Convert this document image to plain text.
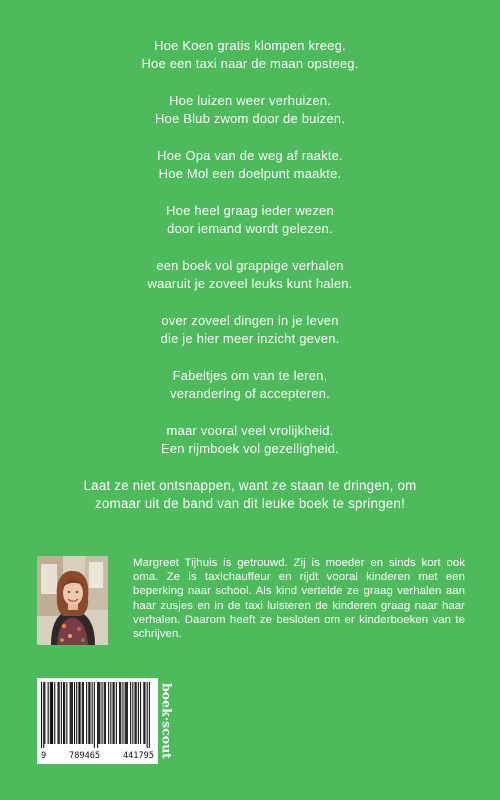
Hoe Koen gratis klompen kreeg.
Hoe een taxi naar de maan opsteeg.
Hoe luizen weer verhuizen.
Hoe Blub zwom door de buizen.
Hoe Opa van de weg af raakte.
Hoe Mol een doelpunt maakte.
Hoe heel graag ieder wezen
door iemand wordt gelezen.
een boek vol grappige verhalen
waaruit je zoveel leuks kunt halen.
over zoveel dingen in je leven
die je hier meer inzicht geven.
Fabeltjes om van te leren,
verandering of accepteren.
maar vooral veel vrolijkheid.
Een rijmboek vol gezelligheid.
Laat ze niet ontsnappen, want ze staan te dringen, om
zomaar uit de band van dit leuke boek te springen!
Margreet Tijhuis is getrouwd. Zij is moeder en sinds kort ook oma. Ze is taxichauffeur en rijdt vooral kinderen met een beperking naar school. Als kind vertelde ze graag verhalen aan haar zusjes en in de taxi luisteren de kinderen graag naar haar verhalen. Daarom heeft ze besloten om er kinderboeken van te schrijven.
9	789465	441795 boek·scout
